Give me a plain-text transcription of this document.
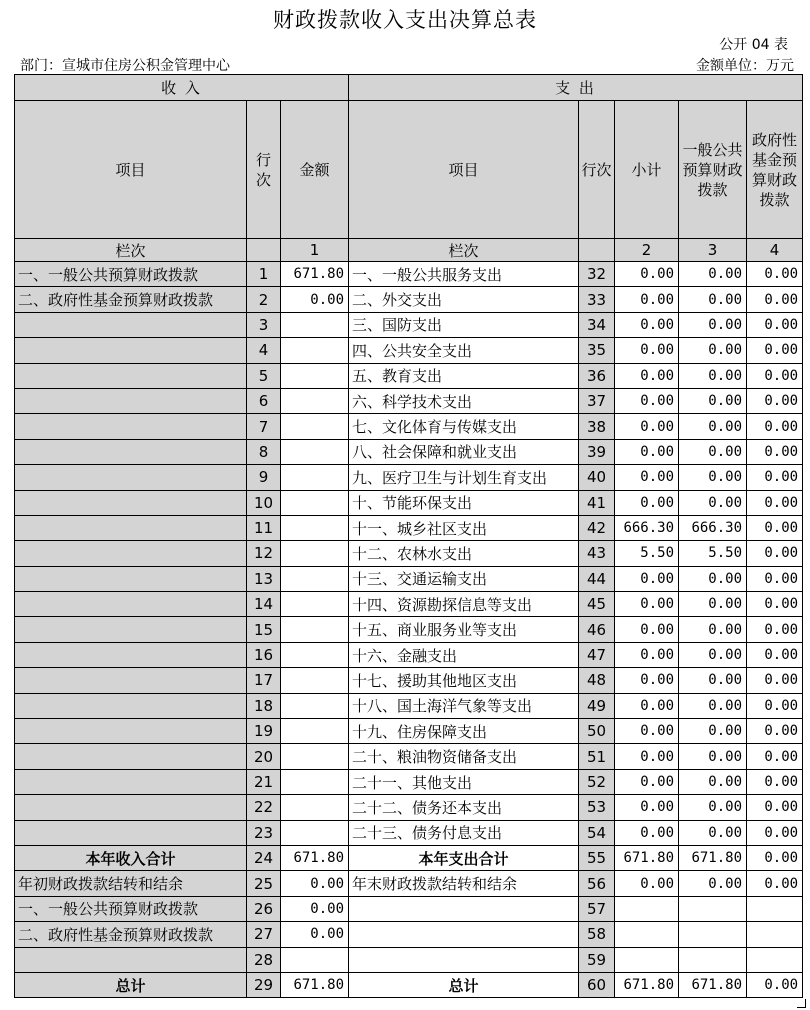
财政拨款收入支出决算总表
公开 04 表
部门：宣城市住房公积金管理中心	金额单位：万元
收 入			支 出				
项目	行次	金额	项目	行次	小计	一般公共预算财政拨款	政府性基金预算财政拨款
栏次		1	栏次		2	3	4
一、一般公共预算财政拨款	1	671.80	一、一般公共服务支出	32	0.00	0.00	0.00
二、政府性基金预算财政拨款	2	0.00	二、外交支出	33	0.00	0.00	0.00
	3		三、国防支出	34	0.00	0.00	0.00
	4		四、公共安全支出	35	0.00	0.00	0.00
	5		五、教育支出	36	0.00	0.00	0.00
	6		六、科学技术支出	37	0.00	0.00	0.00
	7		七、文化体育与传媒支出	38	0.00	0.00	0.00
	8		八、社会保障和就业支出	39	0.00	0.00	0.00
	9		九、医疗卫生与计划生育支出	40	0.00	0.00	0.00
	10		十、节能环保支出	41	0.00	0.00	0.00
	11		十一、城乡社区支出	42	666.30	666.30	0.00
	12		十二、农林水支出	43	5.50	5.50	0.00
	13		十三、交通运输支出	44	0.00	0.00	0.00
	14		十四、资源勘探信息等支出	45	0.00	0.00	0.00
	15		十五、商业服务业等支出	46	0.00	0.00	0.00
	16		十六、金融支出	47	0.00	0.00	0.00
	17		十七、援助其他地区支出	48	0.00	0.00	0.00
	18		十八、国土海洋气象等支出	49	0.00	0.00	0.00
	19		十九、住房保障支出	50	0.00	0.00	0.00
	20		二十、粮油物资储备支出	51	0.00	0.00	0.00
	21		二十一、其他支出	52	0.00	0.00	0.00
	22		二十二、债务还本支出	53	0.00	0.00	0.00
	23		二十三、债务付息支出	54	0.00	0.00	0.00
本年收入合计	24	671.80	本年支出合计	55	671.80	671.80	0.00
年初财政拨款结转和结余	25	0.00	年末财政拨款结转和结余	56	0.00	0.00	0.00
一、一般公共预算财政拨款	26	0.00		57			
二、政府性基金预算财政拨款	27	0.00		58			
	28			59			
总计	29	671.80	总计	60	671.80	671.80	0.00
